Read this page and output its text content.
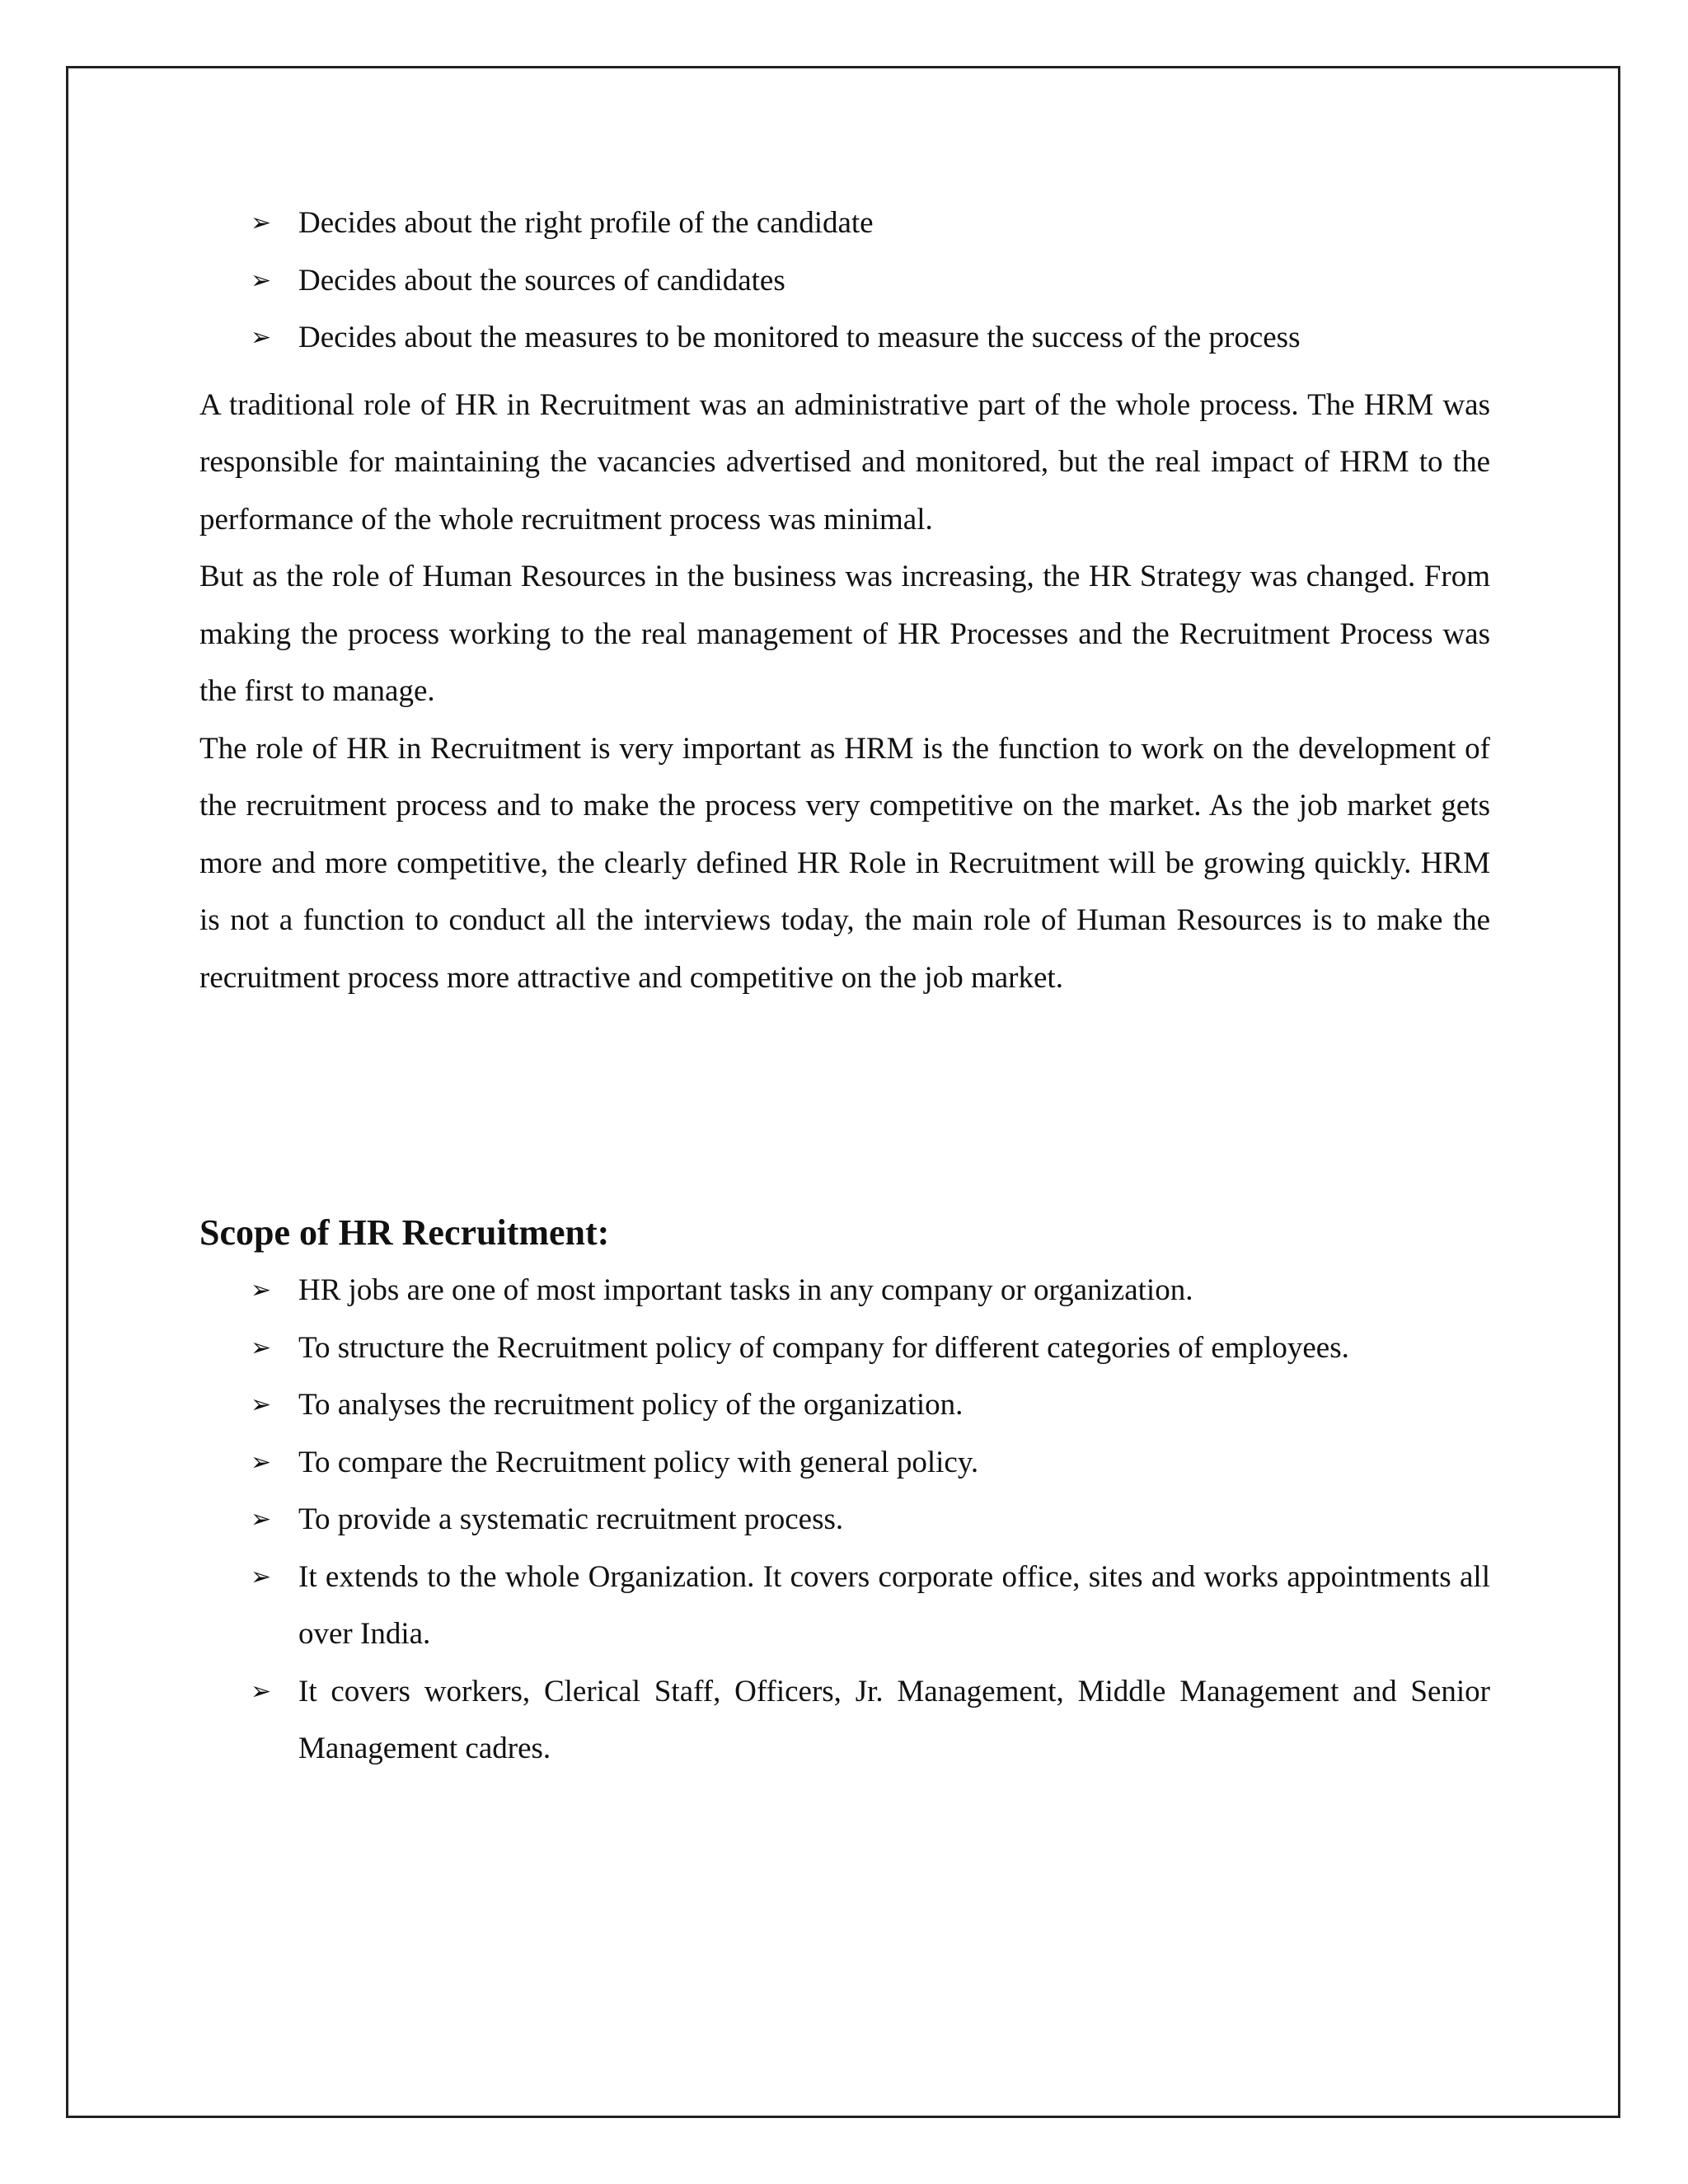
➢ Decides about the right profile of the candidate
➢ Decides about the sources of candidates
➢ Decides about the measures to be monitored to measure the success of the process

A traditional role of HR in Recruitment was an administrative part of the whole process. The HRM was responsible for maintaining the vacancies advertised and monitored, but the real impact of HRM to the performance of the whole recruitment process was minimal.

But as the role of Human Resources in the business was increasing, the HR Strategy was changed. From making the process working to the real management of HR Processes and the Recruitment Process was the first to manage.

The role of HR in Recruitment is very important as HRM is the function to work on the development of the recruitment process and to make the process very competitive on the market. As the job market gets more and more competitive, the clearly defined HR Role in Recruitment will be growing quickly. HRM is not a function to conduct all the interviews today, the main role of Human Resources is to make the recruitment process more attractive and competitive on the job market.

Scope of HR Recruitment:
➢ HR jobs are one of most important tasks in any company or organization.
➢ To structure the Recruitment policy of company for different categories of employees.
➢ To analyses the recruitment policy of the organization.
➢ To compare the Recruitment policy with general policy.
➢ To provide a systematic recruitment process.
➢ It extends to the whole Organization. It covers corporate office, sites and works appointments all over India.
➢ It covers workers, Clerical Staff, Officers, Jr. Management, Middle Management and Senior Management cadres.
